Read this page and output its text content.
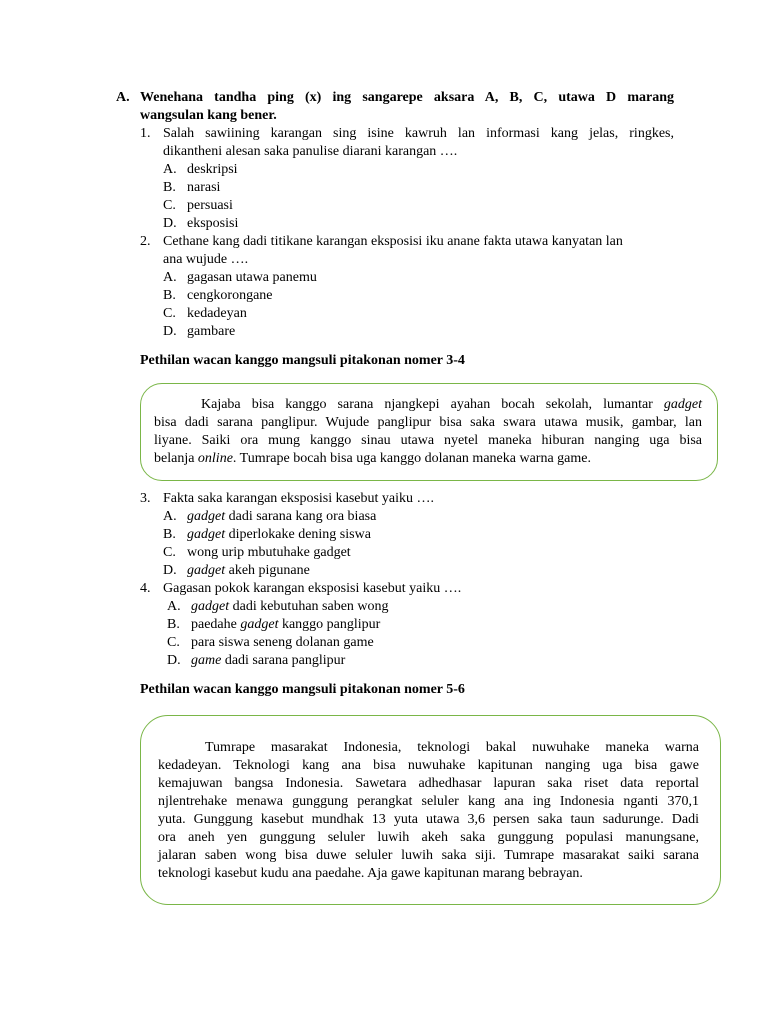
A. Wenehana tandha ping (x) ing sangarepe aksara A, B, C, utawa D marang
wangsulan kang bener.
1. Salah sawiining karangan sing isine kawruh lan informasi kang jelas, ringkes,
dikantheni alesan saka panulise diarani karangan ….
A. deskripsi
B. narasi
C. persuasi
D. eksposisi
2. Cethane kang dadi titikane karangan eksposisi iku anane fakta utawa kanyatan lan
ana wujude ….
A. gagasan utawa panemu
B. cengkorongane
C. kedadeyan
D. gambare
Pethilan wacan kanggo mangsuli pitakonan nomer 3-4
Kajaba bisa kanggo sarana njangkepi ayahan bocah sekolah, lumantar gadget
bisa dadi sarana panglipur. Wujude panglipur bisa saka swara utawa musik, gambar, lan
liyane. Saiki ora mung kanggo sinau utawa nyetel maneka hiburan nanging uga bisa
belanja online. Tumrape bocah bisa uga kanggo dolanan maneka warna game.
3. Fakta saka karangan eksposisi kasebut yaiku ….
A. gadget dadi sarana kang ora biasa
B. gadget diperlokake dening siswa
C. wong urip mbutuhake gadget
D. gadget akeh pigunane
4. Gagasan pokok karangan eksposisi kasebut yaiku ….
A. gadget dadi kebutuhan saben wong
B. paedahe gadget kanggo panglipur
C. para siswa seneng dolanan game
D. game dadi sarana panglipur
Pethilan wacan kanggo mangsuli pitakonan nomer 5-6
Tumrape masarakat Indonesia, teknologi bakal nuwuhake maneka warna
kedadeyan. Teknologi kang ana bisa nuwuhake kapitunan nanging uga bisa gawe
kemajuwan bangsa Indonesia. Sawetara adhedhasar lapuran saka riset data reportal
njlentrehake menawa gunggung perangkat seluler kang ana ing Indonesia nganti 370,1
yuta. Gunggung kasebut mundhak 13 yuta utawa 3,6 persen saka taun sadurunge. Dadi
ora aneh yen gunggung seluler luwih akeh saka gunggung populasi manungsane,
jalaran saben wong bisa duwe seluler luwih saka siji. Tumrape masarakat saiki sarana
teknologi kasebut kudu ana paedahe. Aja gawe kapitunan marang bebrayan.
